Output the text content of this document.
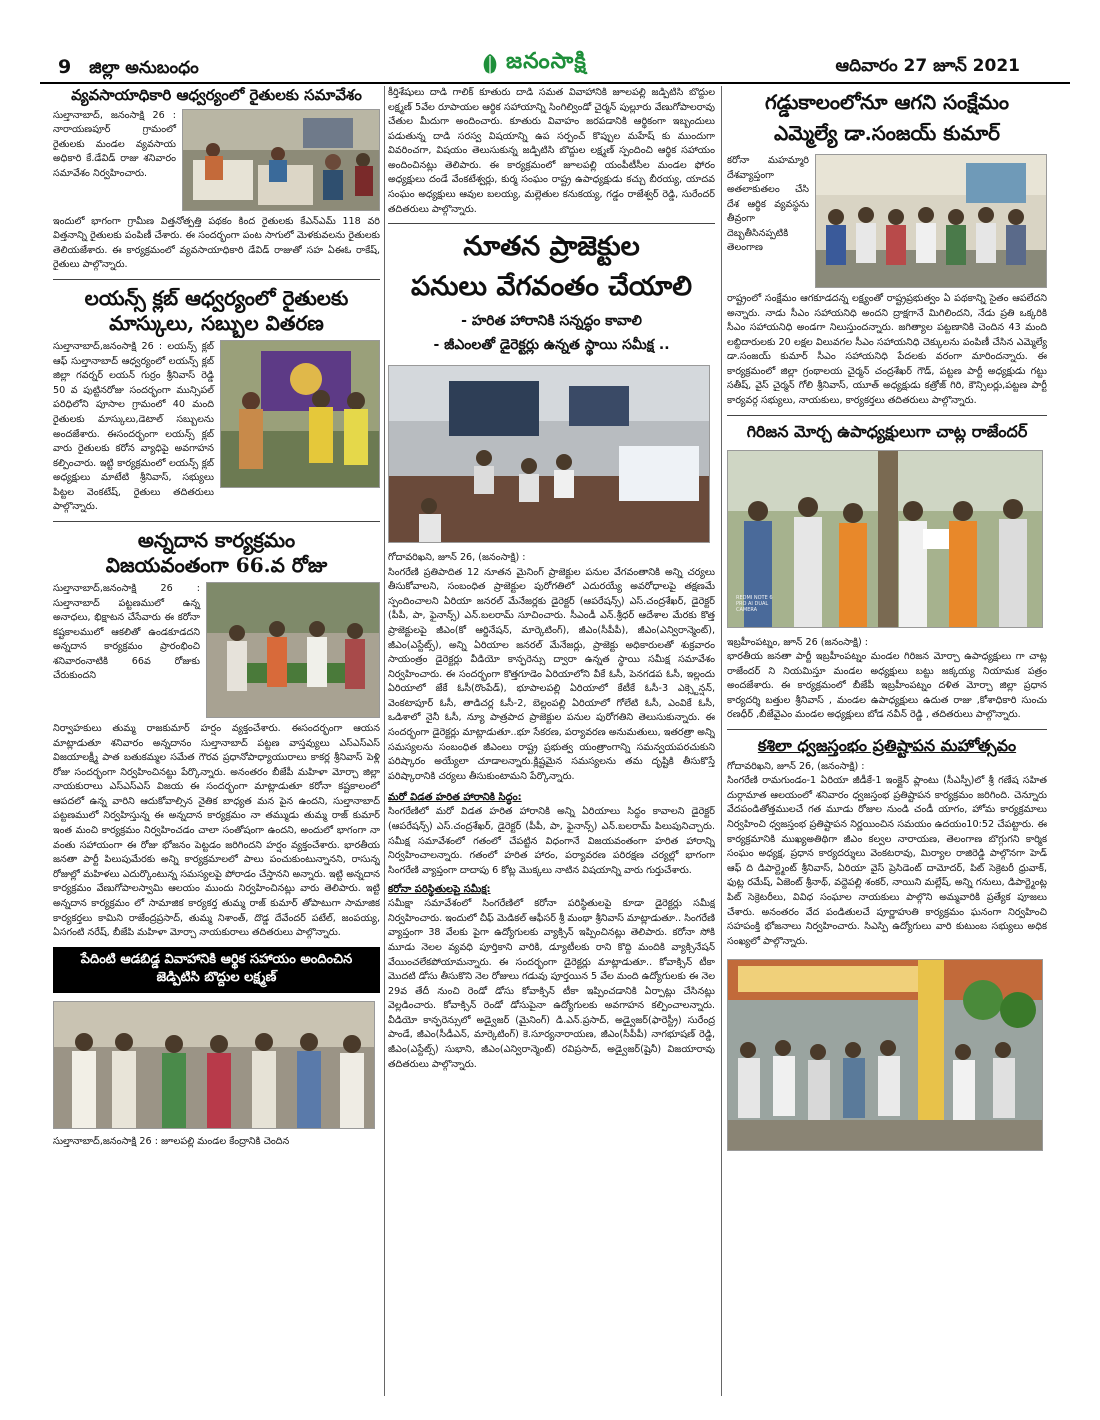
9 జిల్లా అనుబంధం	జనంసాక్షి	ఆదివారం 27 జూన్ 2021
వ్యవసాయాధికారి ఆధ్వర్యంలో రైతులకు సమావేశం
సుల్తానాబాద్, జనంసాక్షి 26 : నారాయణపూర్ గ్రామంలో రైతులకు మండల వ్యవసాయ అధికారి కే.డేవిడ్ రాజు శనివారం సమావేశం నిర్వహించారు.
ఇందులో భాగంగా గ్రామీణ విత్తనోత్పత్తి పథకం కింద రైతులకు కేఎన్ఎమ్ 118 వరి విత్తనాన్ని రైతులకు పంపిణీ చేశారు. ఈ సందర్భంగా పంట సాగులో మెళకువలను రైతులకు తెలియజేశారు. ఈ కార్యక్రమంలో వ్యవసాయాధికారి డేవిడ్ రాజుతో సహ ఏఈఓ రాకేష్, రైతులు పాల్గొన్నారు.
లయన్స్ క్లబ్ ఆధ్వర్యంలో రైతులకు
మాస్కులు, సబ్బుల వితరణ
సుల్తానాబాద్,జనంసాక్షి 26 : లయన్స్ క్లబ్ ఆఫ్ సుల్తానాబాద్ ఆధ్వర్యంలో లయన్స్ క్లబ్ జిల్లా గవర్నర్ లయన్ గుర్రం శ్రీనివాస్ రెడ్డి 50 వ పుట్టినరోజు సందర్భంగా మున్సిపల్ పరిధిలోని పూసాల గ్రామంలో 40 మంది రైతులకు మాస్కులు,డెటాల్ సబ్బులను అందజేశారు. ఈసందర్భంగా లయన్స్ క్లబ్ వారు రైతులకు కరోన వ్యాధిపై అవగాహన కల్పించారు. ఇట్టి కార్యక్రమంలో లయన్స్ క్లబ్ అధ్యక్షులు మాటేటి శ్రీనివాస్, సభ్యులు పిట్టల వెంకటేష్, రైతులు తదితరులు పాల్గొన్నారు.
అన్నదాన కార్యక్రమం
విజయవంతంగా 66.వ రోజు
సుల్తానాబాద్,జనంసాక్షి 26 : సుల్తానాబాద్ పట్టణములో ఉన్న అనాధలు, భిక్షాటన చేసేవారు ఈ కరోనా కష్టకాలములో ఆకలితో ఉండకూడదని అన్నదాన కార్యక్రమం ప్రారంభించి శనివారంనాటికి 66వ రోజుకు చేరుకుందని
నిర్వాహకులు తుమ్మ రాజకుమార్ హర్షం వ్యక్తంచేశారు. ఈసందర్భంగా ఆయన మాట్లాడుతూ శనివారం అన్నదానం సుల్తానాబాద్ పట్టణ వాస్తవ్యులు ఎస్ఎస్ఎస్ విజయాలక్ష్మీ పాత బతుకమ్మల సమేత గౌరవ ప్రధానోపాధ్యాయురాలు కాకర్ల శ్రీనివాస్ పెళ్లి రోజు సందర్భంగా నిర్వహించినట్టు పేర్కొన్నారు. అనంతరం బీజేపీ మహిళా మోర్చా జిల్లా నాయకురాలు ఎస్ఎస్ఎస్ విజయ ఈ సందర్భంగా మాట్లాడుతూ కరోనా కష్టకాలంలో ఆపదలో ఉన్న వారిని ఆదుకోవాల్సిన నైతిక బాధ్యత మన పైన ఉందని, సుల్తానాబాద్ పట్టణములో నిర్వహిస్తున్న ఈ అన్నదాన కార్యక్రమం నా తమ్ముడు తుమ్మ రాజ్ కుమార్ ఇంత మంచి కార్యక్రమం నిర్వహించడం చాలా సంతోషంగా ఉందని, అందులో భాగంగా నా వంతు సహాయంగా ఈ రోజు భోజనం పెట్టడం జరిగిందని హర్షం వ్యక్తంచేశారు. భారతీయ జనతా పార్టీ పిలుపుమేరకు అన్ని కార్యక్రమాలలో పాలు పంచుకుంటున్నానని, రాసున్న రోజుల్లో మహిళలు ఎదుర్కొంటున్న సమస్యలపై పోరాడం చేస్తానని అన్నారు. ఇట్టి అన్నదాన కార్యక్రమం వేణుగోపాలస్వామి ఆలయం ముందు నిర్వహించినట్లు వారు తెలిపారు. ఇట్టి అన్నదాన కార్యక్రమం లో సామాజిక కార్యకర్త తుమ్మ రాజ్ కుమార్ తోపాటుగా సామాజిక కార్యకర్తలు కామిని రాజేంద్రప్రసాద్, తుమ్మ నిశాంత్, దొడ్డ దేవేందర్ పటేల్, జంపయ్య, ఏసగంటి నరేష్, బీజేపి మహిళా మోర్చా నాయకురాలు తదితరులు పాల్గొన్నారు.
పేదింటి ఆడబిడ్డ వివాహానికి ఆర్థిక సహాయం అందించిన జెడ్పిటిసి బొద్దుల లక్ష్మణ్
సుల్తానాబాద్,జనంసాక్షి 26 : జూలపల్లి మండల కేంద్రానికి చెందిన
కీర్తిశేషులు దాడి గాలిక్ కూతురు దాడి సమత వివాహానికి జూలపల్లి జడ్పిటిసి బొద్దుల లక్ష్మణ్ 5వేల రూపాయల ఆర్థిక సహాయాన్ని సింగిల్విండో చైర్మన్ పుల్లూరు వేణుగోపాలరావు చేతుల మీదుగా అందించారు. కూతురు వివాహం జరపడానికి ఆర్థికంగా ఇబ్బందులు పడుతున్న దాడి సరస్వ విషయాన్ని ఉప సర్పంచ్ కొప్పుల మహేష్ కు ముందుగా వివరించగా, విషయం తెలుసుకున్న జడ్పిటిసి బొద్దుల లక్ష్మణ్ స్పందించి ఆర్థిక సహాయం అందించినట్లు తెలిపారు. ఈ కార్యక్రమంలో జూలపల్లి యంపీటీసీల మండల ఫోరం అధ్యక్షులు దండే వేంకటేశ్వర్లు, కుర్మ సంఘం రాష్ట్ర ఉపాధ్యక్షుడు కచ్చు బీరయ్య, యాదవ సంఘం అధ్యక్షులు ఆవుల బలయ్య, మల్లెతుల కనుకయ్య, గడ్డం రాజేశ్వర్ రెడ్డి, సురేందర్ తదితరులు పాల్గొన్నారు.
నూతన ప్రాజెక్టుల
పనులు వేగవంతం చేయాలి
- హరిత హారానికి సన్నద్ధం కావాలి
- జీఎంలతో డైరెక్టర్లు ఉన్నత స్థాయి సమీక్ష ..
గోదావరిఖని, జూన్ 26, (జనంసాక్షి) :
సింగరేణి ప్రతిపాదిత 12 నూతన మైనింగ్ ప్రాజెక్టుల పనుల వేగవంతానికి అన్ని చర్యలు తీసుకోవాలని, సంబంధిత ప్రాజెక్టుల పురోగతిలో ఎదురయ్యే అవరోధాలపై తక్షణమే స్పందించాలని ఏరియా జనరల్ మేనేజర్లకు డైరెక్టర్ (ఆపరేషన్స్) ఎస్.చంద్రశేఖర్, డైరెక్టర్ (పీపీ, పా, ఫైనాన్స్) ఎన్.బలరామ్ సూచించారు. సీఎండీ ఎన్.శ్రీధర్ ఆదేశాల మేరకు కొత్త ప్రాజెక్టులపై జీఎం(కో ఆర్డినేషన్, మార్కెటింగ్), జీఎం(సీపీపీ), జీఎం(ఎన్విరాన్మెంట్), జీఎం(ఎస్టేట్స్), అన్ని ఏరియాల జనరల్ మేనేజర్లు, ప్రాజెక్టు అధికారులతో శుక్రవారం సాయంత్రం డైరెక్టర్లు వీడియో కాన్ఫరెన్సు ద్వారా ఉన్నత స్థాయి సమీక్ష సమావేశం నిర్వహించారు. ఈ సందర్భంగా కొత్తగూడెం ఏరియాలోని వీకే ఓసీ, పెనగడప ఓసీ, ఇల్లందు ఏరియాలో జేకే ఓసీ(రొంపేడ్), భూపాలపల్లి ఏరియాలో కేటీకే ఓసీ-3 ఎక్స్టెన్షన్, వెంకటాపూర్ ఓసీ, తాడిచర్ల ఓసీ-2, బెల్లంపల్లి ఏరియాలో గోలేటి ఓసీ, ఎంవికే ఓసీ, ఒడిశాలో నైనీ ఓసీ, న్యూ పాత్రపాద ప్రాజెక్టుల పనుల పురోగతిని తెలుసుకున్నారు. ఈ సందర్భంగా డైరెక్టర్లు మాట్లాడుతూ..భూ సేకరణ, పర్యావరణ అనుమతులు, ఇతరత్రా అన్ని సమస్యలను సంబంధిత జీఎంలు రాష్ట్ర ప్రభుత్వ యంత్రాంగాన్ని సమన్వయపరచుకుని పరిష్కారం అయ్యేలా చూడాలన్నారు.క్లిష్టమైన సమస్యలను తమ దృష్టికి తీసుకొస్తే పరిష్కారానికి చర్యలు తీసుకుంటామని పేర్కొన్నారు.
మరో విడత హరిత హారానికి సిద్ధం:
సింగరేణిలో మరో విడత హరిత హారానికి అన్ని ఏరియాలు సిద్ధం కావాలని డైరెక్టర్ (ఆపరేషన్స్) ఎస్.చంద్రశేఖర్, డైరెక్టర్ (పీపీ, పా, ఫైనాన్స్) ఎన్.బలరామ్ పిలుపునిచ్చారు. సమీక్ష సమావేశంలో గతంలో చేపట్టిన విధంగానే విజయవంతంగా హరిత హారాన్ని నిర్వహించాలన్నారు. గతంలో హరిత హారం, పర్యావరణ పరిరక్షణ చర్యల్లో భాగంగా సింగరేణి వ్యాప్తంగా దాదాపు 6 కోట్ల మొక్కలు నాటిన విషయాన్ని వారు గుర్తుచేశారు.
కరోనా పరిస్థితులపై సమీక్ష:
సమీక్షా సమావేశంలో సింగరేణిలో కరోనా పరిస్థితులపై కూడా డైరెక్టర్లు సమీక్ష నిర్వహించారు. ఇందులో చీఫ్ మెడికల్ ఆఫీసర్ శ్రీ మంథా శ్రీనివాస్ మాట్లాడుతూ.. సింగరేణి వ్యాప్తంగా 38 వేలకు పైగా ఉద్యోగులకు వ్యాక్సిన్ ఇప్పించినట్లు తెలిపారు. కరోనా సోకి మూడు నెలల వ్యవధి పూర్తికాని వారికి, డ్యూటీలకు రాని కొద్ది మందికి వ్యాక్సినేషన్ వేయించలేకపోయామన్నారు. ఈ సందర్భంగా డైరెక్టర్లు మాట్లాడుతూ.. కోవాక్సిన్ టీకా మొదటి డోసు తీసుకొని నెల రోజులు గడువు పూర్తయిన 5 వేల మంది ఉద్యోగులకు ఈ నెల 29వ తేదీ నుంచి రెండో డోసు కోవాక్సిన్ టీకా ఇప్పించడానికి ఏర్పాట్లు చేసినట్లు వెల్లడించారు. కోవాక్సిన్ రెండో డోసుపైనా ఉద్యోగులకు అవగాహన కల్పించాలన్నారు. వీడియో కాన్ఫరెన్సులో అడ్వైజర్ (మైనింగ్) డి.ఎన్.ప్రసాద్, అడ్వైజర్(ఫారెస్ట్రీ) సురేంద్ర పాండే, జీఎం(సీడీఎన్, మార్కెటింగ్) కె.సూర్యనారాయణ, జీఎం(సీపీపీ) నాగభూషణ్ రెడ్డి, జీఎం(ఎస్టేట్స్) సుభాని, జీఎం(ఎన్విరాన్మెంట్) రవిప్రసాద్, అడ్వైజర్(షైనీ) విజయారావు తదితరులు పాల్గొన్నారు.
గడ్డుకాలంలోనూ ఆగని సంక్షేమం
ఎమ్మెల్యే డా.సంజయ్ కుమార్
కరోనా మహమ్మారి దేశవ్యాప్తంగా అతలాకుతలం చేసి దేశ ఆర్థిక వ్యవస్థను తీవ్రంగా దెబ్బతీసినప్పటికి తెలంగాణ
రాష్ట్రంలో సంక్షేమం ఆగకూడదన్న లక్ష్యంతో రాష్ట్రప్రభుత్వం ఏ పథకాన్ని సైతం ఆపలేదని అన్నారు. నాడు సీఎం సహాయనిధి అందని ద్రాక్షగానే మిగిలిందని, నేడు ప్రతి ఒక్కరికి సీఎం సహాయనిధి అండగా నిలుస్తుందన్నారు. జగిత్యాల పట్టణానికి చెందిన 43 మంది లబ్దిదారులకు 20 లక్షల విలువగల సీఎం సహాయనిధి చెక్కులను పంపిణీ చేసిన ఎమ్మెల్యే డా.సంజయ్ కుమార్ సీఎం సహాయనిధి పేదలకు వరంగా మారిందన్నారు. ఈ కార్యక్రమంలో జిల్లా గ్రంథాలయ చైర్మన్ చంద్రశేఖర్ గౌడ్, పట్టణ పార్టీ అధ్యక్షుడు గట్టు సతీష్, వైస్ చైర్మన్ గోలి శ్రీనివాస్, యూత్ అధ్యక్షుడు కత్రోజ్ గిరి, కౌన్సిలర్లు,పట్టణ పార్టీ కార్యవర్గ సభ్యులు, నాయకులు, కార్యకర్తలు తదితరులు పాల్గొన్నారు.
గిరిజన మోర్చ ఉపాధ్యక్షులుగా చాట్ల రాజేందర్
REDMI NOTE 6 PRO AI DUAL CAMERA
ఇబ్రహీంపట్నం, జూన్ 26 (జనంసాక్షి) :
భారతీయ జనతా పార్టీ ఇబ్రహీంపట్నం మండల గిరిజన మోర్చా ఉపాధ్యక్షులు గా చాట్ల రాజేందర్ ని నియమిస్తూ మండల అధ్యక్షులు బట్టు జక్కయ్య నియామక పత్రం అందజేశారు. ఈ కార్యక్రమంలో బీజేపీ ఇబ్రహీంపట్నం దళిత మోర్చా జిల్లా ప్రధాన కార్యదర్శి బత్తుల శ్రీనివాస్ , మండల ఉపాధ్యక్షులు ఉదుత రాజు ,కోశాధికారి సుంచు రణధీర్ ,బీజేవైఎం మండల అధ్యక్షులు బోడ నవీన్ రెడ్డి , తదితరులు పాల్గొన్నారు.
కశిలా ధ్వజస్తంభం ప్రతిష్టాపన మహోత్సవం
గోదావరిఖని, జూన్ 26, (జనంసాక్షి) :
సింగరేణి రామగుండం-1 ఏరియా జీడీకే-1 ఇంక్లైన్ ప్లాంటు (సీఎస్పీ)లో శ్రీ గణేష సహిత దుర్గామాత ఆలయంలో శనివారం ధ్వజస్తంభ ప్రతిష్టాపన కార్యక్రమం జరిగింది. చెన్నూరు వేదపండితోత్తములచే గత మూడు రోజుల నుండి చండీ యాగం, హోమ కార్యక్రమాలు నిర్వహించి ధ్వజస్తంభ ప్రతిష్టాపన నిర్ణయించిన సమయం ఉదయం10:52 చేపట్టారు. ఈ కార్యక్రమానికి ముఖ్యఅతిథిగా జీఎం కల్వల నారాయణ, తెలంగాణ బొగ్గుగని కార్మిక సంఘం అధ్యక్ష, ప్రధాన కార్యదర్శులు వెంకటరావు, మిర్యాల రాజిరెడ్డి పాల్గొనగా హెడ్ ఆఫ్ ది డిపార్ట్మెంట్ శ్రీనివాస్, ఏరియా వైస్ ప్రెసిడెంట్ దామోదర్, పిట్ సెక్రెటరీ ధ్రువాక్, ఫుట్ల రమేష్, ఏజెంట్ శ్రీనాథ్, వద్దెపల్లి శంకర్, నాయిని మల్లేష్, అన్ని గనులు, డిపార్ట్మెంట్ల పిట్ సెక్రెటరీలు, వివిధ సంఘాల నాయకులు పాల్గొని అమ్మవారికి ప్రత్యేక పూజలు చేశారు. అనంతరం వేద పండితులచే పూర్ణాహుతి కార్యక్రమం ఘనంగా నిర్వహించి సహపంక్తి భోజనాలు నిర్వహించారు. సిఎస్పి ఉద్యోగులు వారి కుటుంబ సభ్యులు అధిక సంఖ్యలో పాల్గొన్నారు.
